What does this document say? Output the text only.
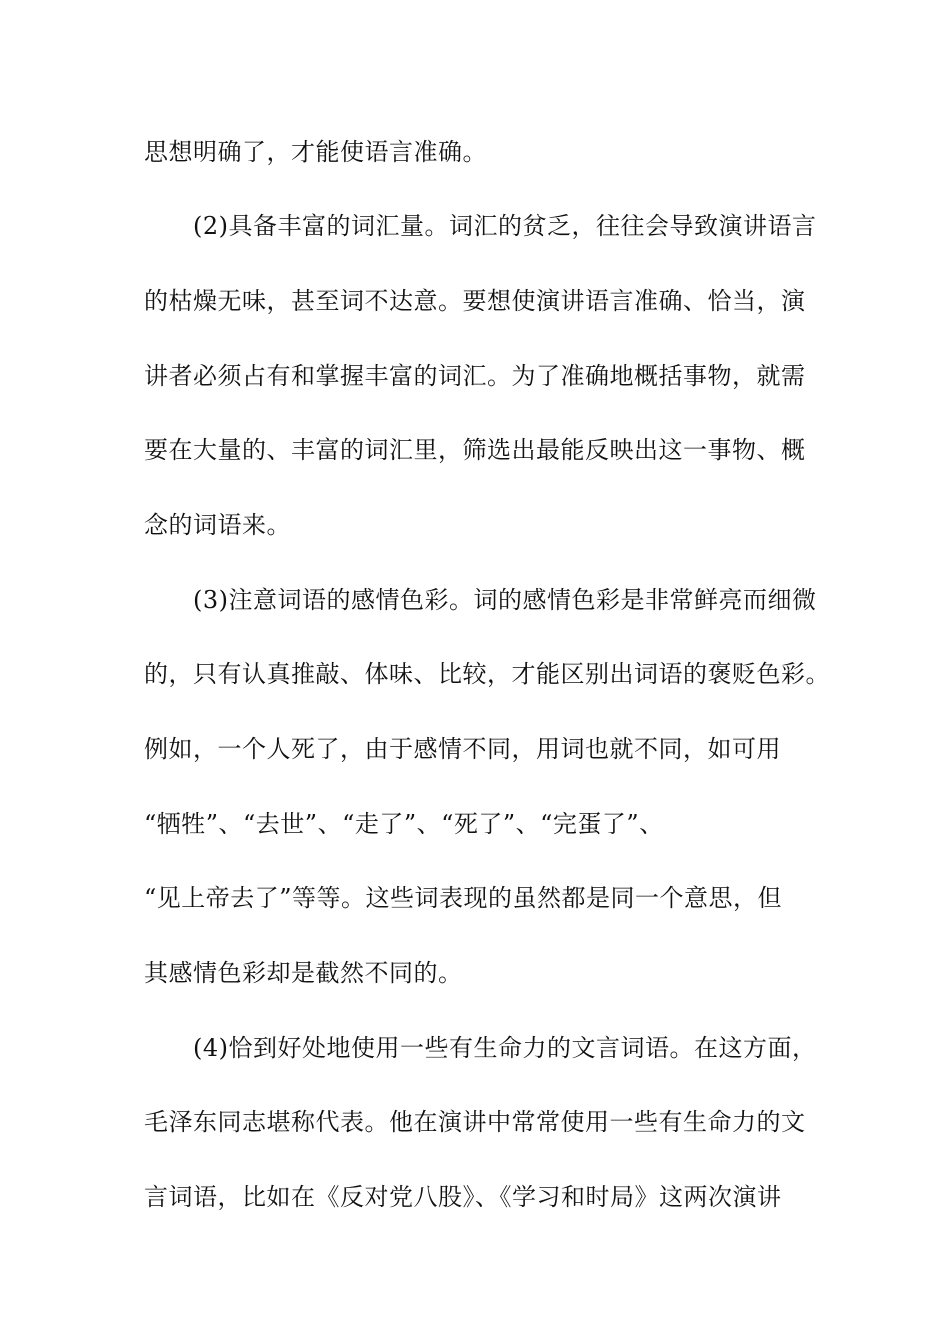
思想明确了，才能使语言准确。
(2)具备丰富的词汇量。词汇的贫乏，往往会导致演讲语言
的枯燥无味，甚至词不达意。要想使演讲语言准确、恰当，演
讲者必须占有和掌握丰富的词汇。为了准确地概括事物，就需
要在大量的、丰富的词汇里，筛选出最能反映出这一事物、概
念的词语来。
(3)注意词语的感情色彩。词的感情色彩是非常鲜亮而细微
的，只有认真推敲、体味、比较，才能区别出词语的褒贬色彩。
例如，一个人死了，由于感情不同，用词也就不同，如可用
“牺牲”、“去世”、“走了”、“死了”、“完蛋了”、
“见上帝去了”等等。这些词表现的虽然都是同一个意思，但
其感情色彩却是截然不同的。
(4)恰到好处地使用一些有生命力的文言词语。在这方面，
毛泽东同志堪称代表。他在演讲中常常使用一些有生命力的文
言词语，比如在《反对党八股》、《学习和时局》这两次演讲
